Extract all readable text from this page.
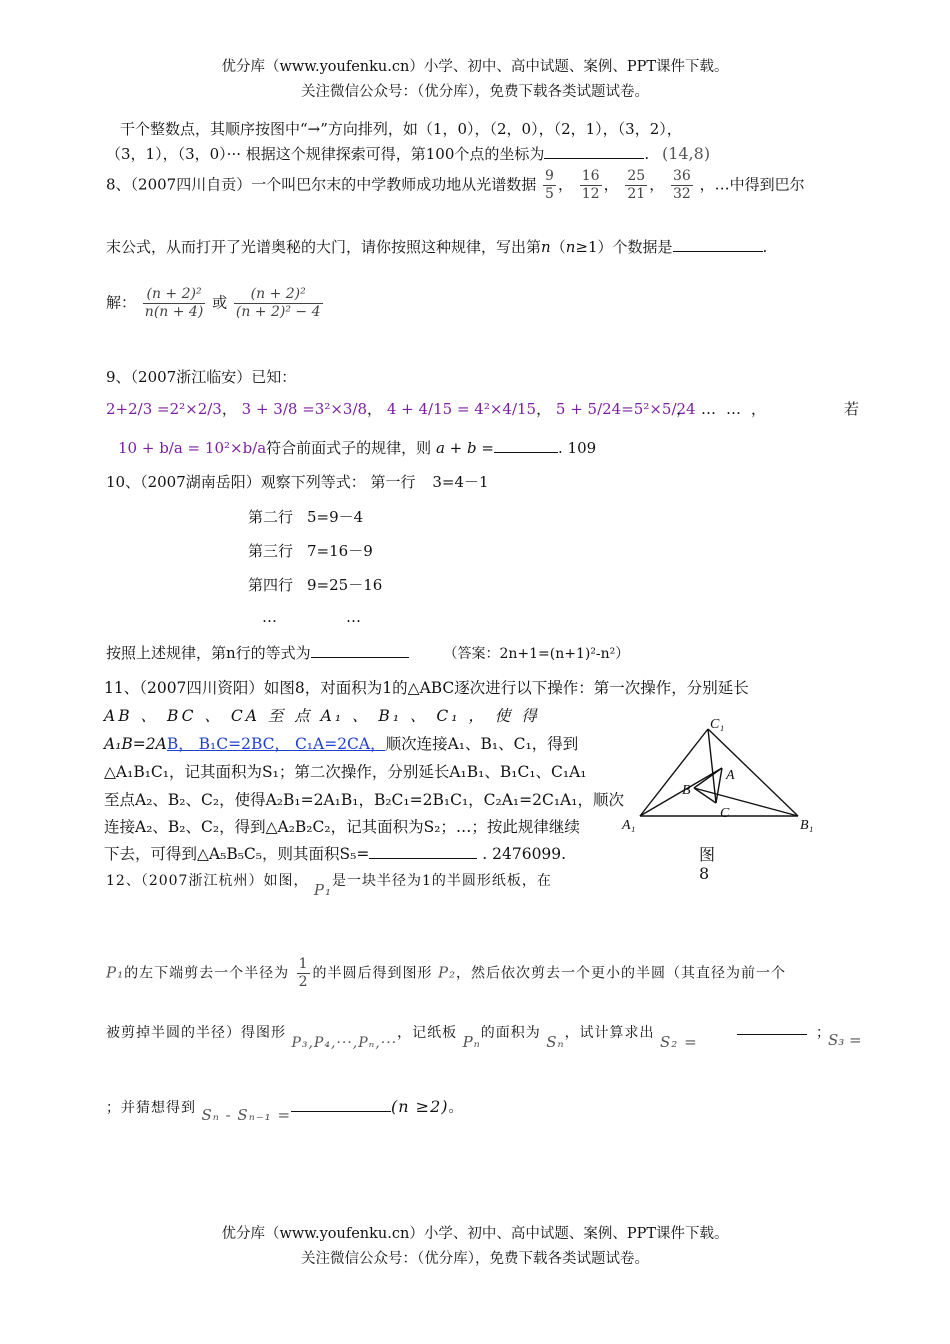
优分库（www.youfenku.cn）小学、初中、高中试题、案例、PPT课件下载。
关注微信公众号：（优分库），免费下载各类试题试卷。
干个整数点，其顺序按图中“→”方向排列，如（1，0），（2，0），（2，1），（3，2），
（3，1），（3，0）··· 根据这个规律探索可得，第100个点的坐标为	. (14,8)
8、（2007四川自贡）一个叫巴尔末的中学教师成功地从光谱数据 $\frac{9}{5}$ ， $\frac{16}{12}$ ， $\frac{25}{21}$ ， $\frac{36}{32}$ ，…中得到巴尔
末公式，从而打开了光谱奥秘的大门，请你按照这种规律，写出第n（n≥1）个数据是	.
解： $\frac{\text{(n + 2)²}}{n(n + 4)}$ 或 $\frac{\text{(n + 2)²}}{\text{(n + 2)² − 4}}$
9、（2007浙江临安）已知：
2+2/3 =2²×2/3， 3 + 3/8 =3²×3/8， 4 + 4/15 = 4²×4/15， 5 + 5/24=5²×5/24
，……，	若
10 + b/a = 10²×b/a符合前面式子的规律，则 a + b =	. 109
10、（2007湖南岳阳）观察下列等式： 第一行 3=4－1
第二行 5=9－4
第三行 7=16－9
第四行 9=25－16
…	…
按照上述规律，第n行的等式为	（答案：2n+1=(n+1)²-n²）
11、（2007四川资阳）如图8，对面积为1的△ABC逐次进行以下操作：第一次操作，分别延长
AB 、 BC 、 CA 至 点 A₁ 、 B₁ 、 C₁ ， 使 得
A₁B=2AB， B₁C=2BC， C₁A=2CA，顺次连接A₁、B₁、C₁，得到
△A₁B₁C₁，记其面积为S₁；第二次操作，分别延长A₁B₁、B₁C₁、C₁A₁
至点A₂、B₂、C₂，使得A₂B₁=2A₁B₁，B₂C₁=2B₁C₁，C₂A₁=2C₁A₁，顺次
连接A₂、B₂、C₂，得到△A₂B₂C₂，记其面积为S₂；…；按此规律继续
下去，可得到△A₅B₅C₅，则其面积S₅=	. 2476099.
C₁
A
B
C
A₁	B₁
图
8
12、（2007浙江杭州）如图， P₁是一块半径为1的半圆形纸板，在
P₁的左下端剪去一个半径为 $\frac{1}{2}$ 的半圆后得到图形 P₂，然后依次剪去一个更小的半圆（其直径为前一个
被剪掉半圆的半径）得图形 P₃,P₄,···,Pₙ,···，记纸板 Pₙ的面积为 Sₙ，试计算求出 S₂ =	；
S₃ =
；并猜想得到 Sₙ - Sₙ₋₁ =	(n ≥2)。
优分库（www.youfenku.cn）小学、初中、高中试题、案例、PPT课件下载。
关注微信公众号：（优分库），免费下载各类试题试卷。
